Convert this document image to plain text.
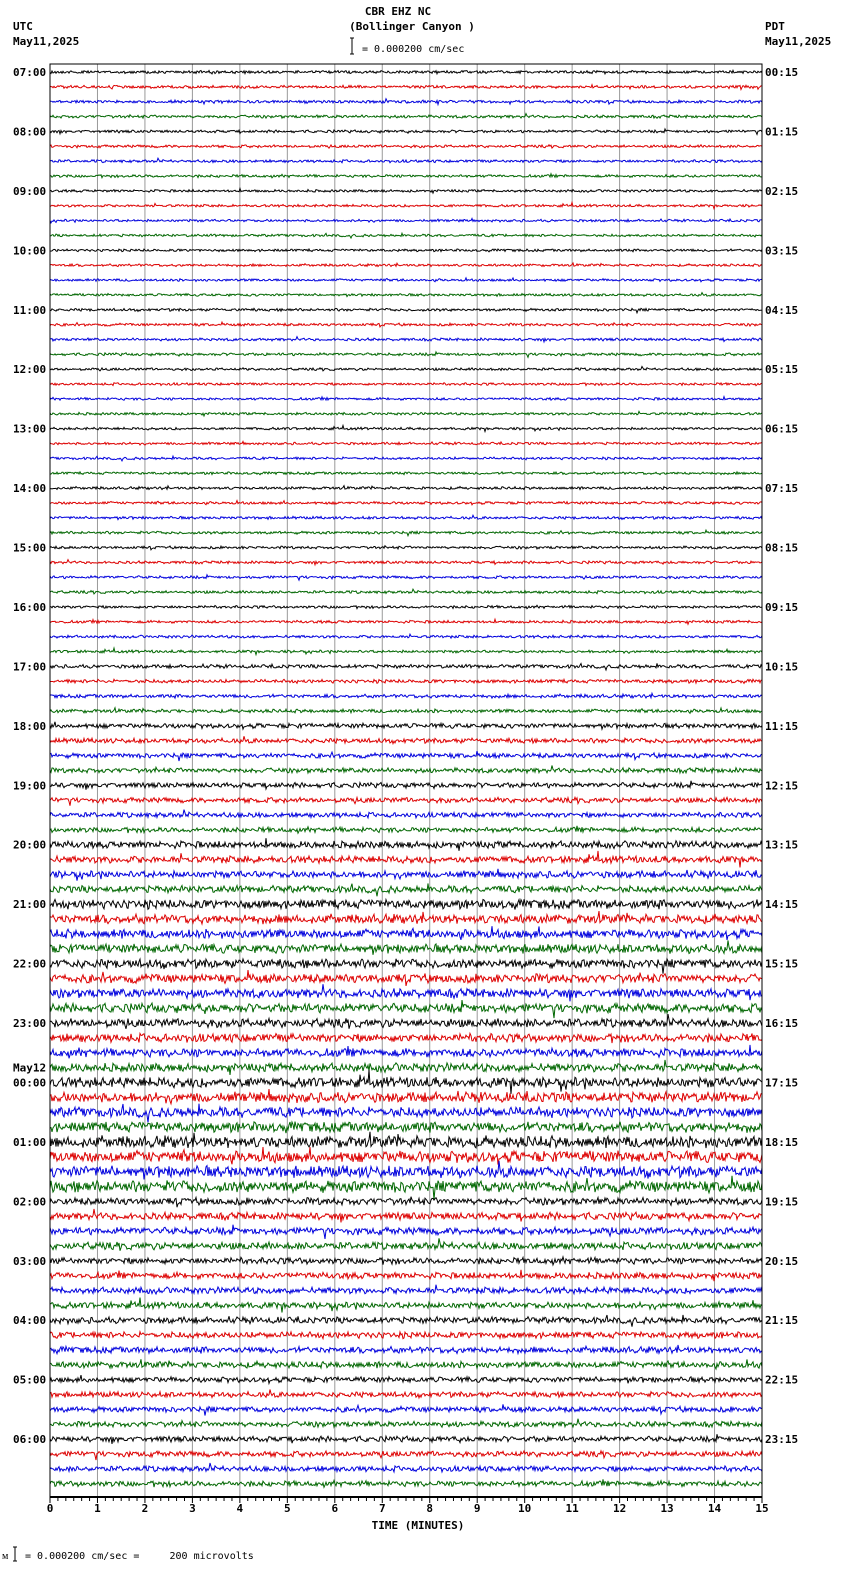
CBR EHZ NC
(Bollinger Canyon )
UTC
May11,2025
PDT
May11,2025
= 0.000200 cm/sec
07:00
08:00
09:00
10:00
11:00
12:00
13:00
14:00
15:00
16:00
17:00
18:00
19:00
20:00
21:00
22:00
23:00
00:00
May12
01:00
02:00
03:00
04:00
05:00
06:00
00:15
01:15
02:15
03:15
04:15
05:15
06:15
07:15
08:15
09:15
10:15
11:15
12:15
13:15
14:15
15:15
16:15
17:15
18:15
19:15
20:15
21:15
22:15
23:15
0	1	2	3	4	5	6	7	8	9	10	11	12	13	14	15
TIME (MINUTES)
ᴍ = 0.000200 cm/sec =     200 microvolts
